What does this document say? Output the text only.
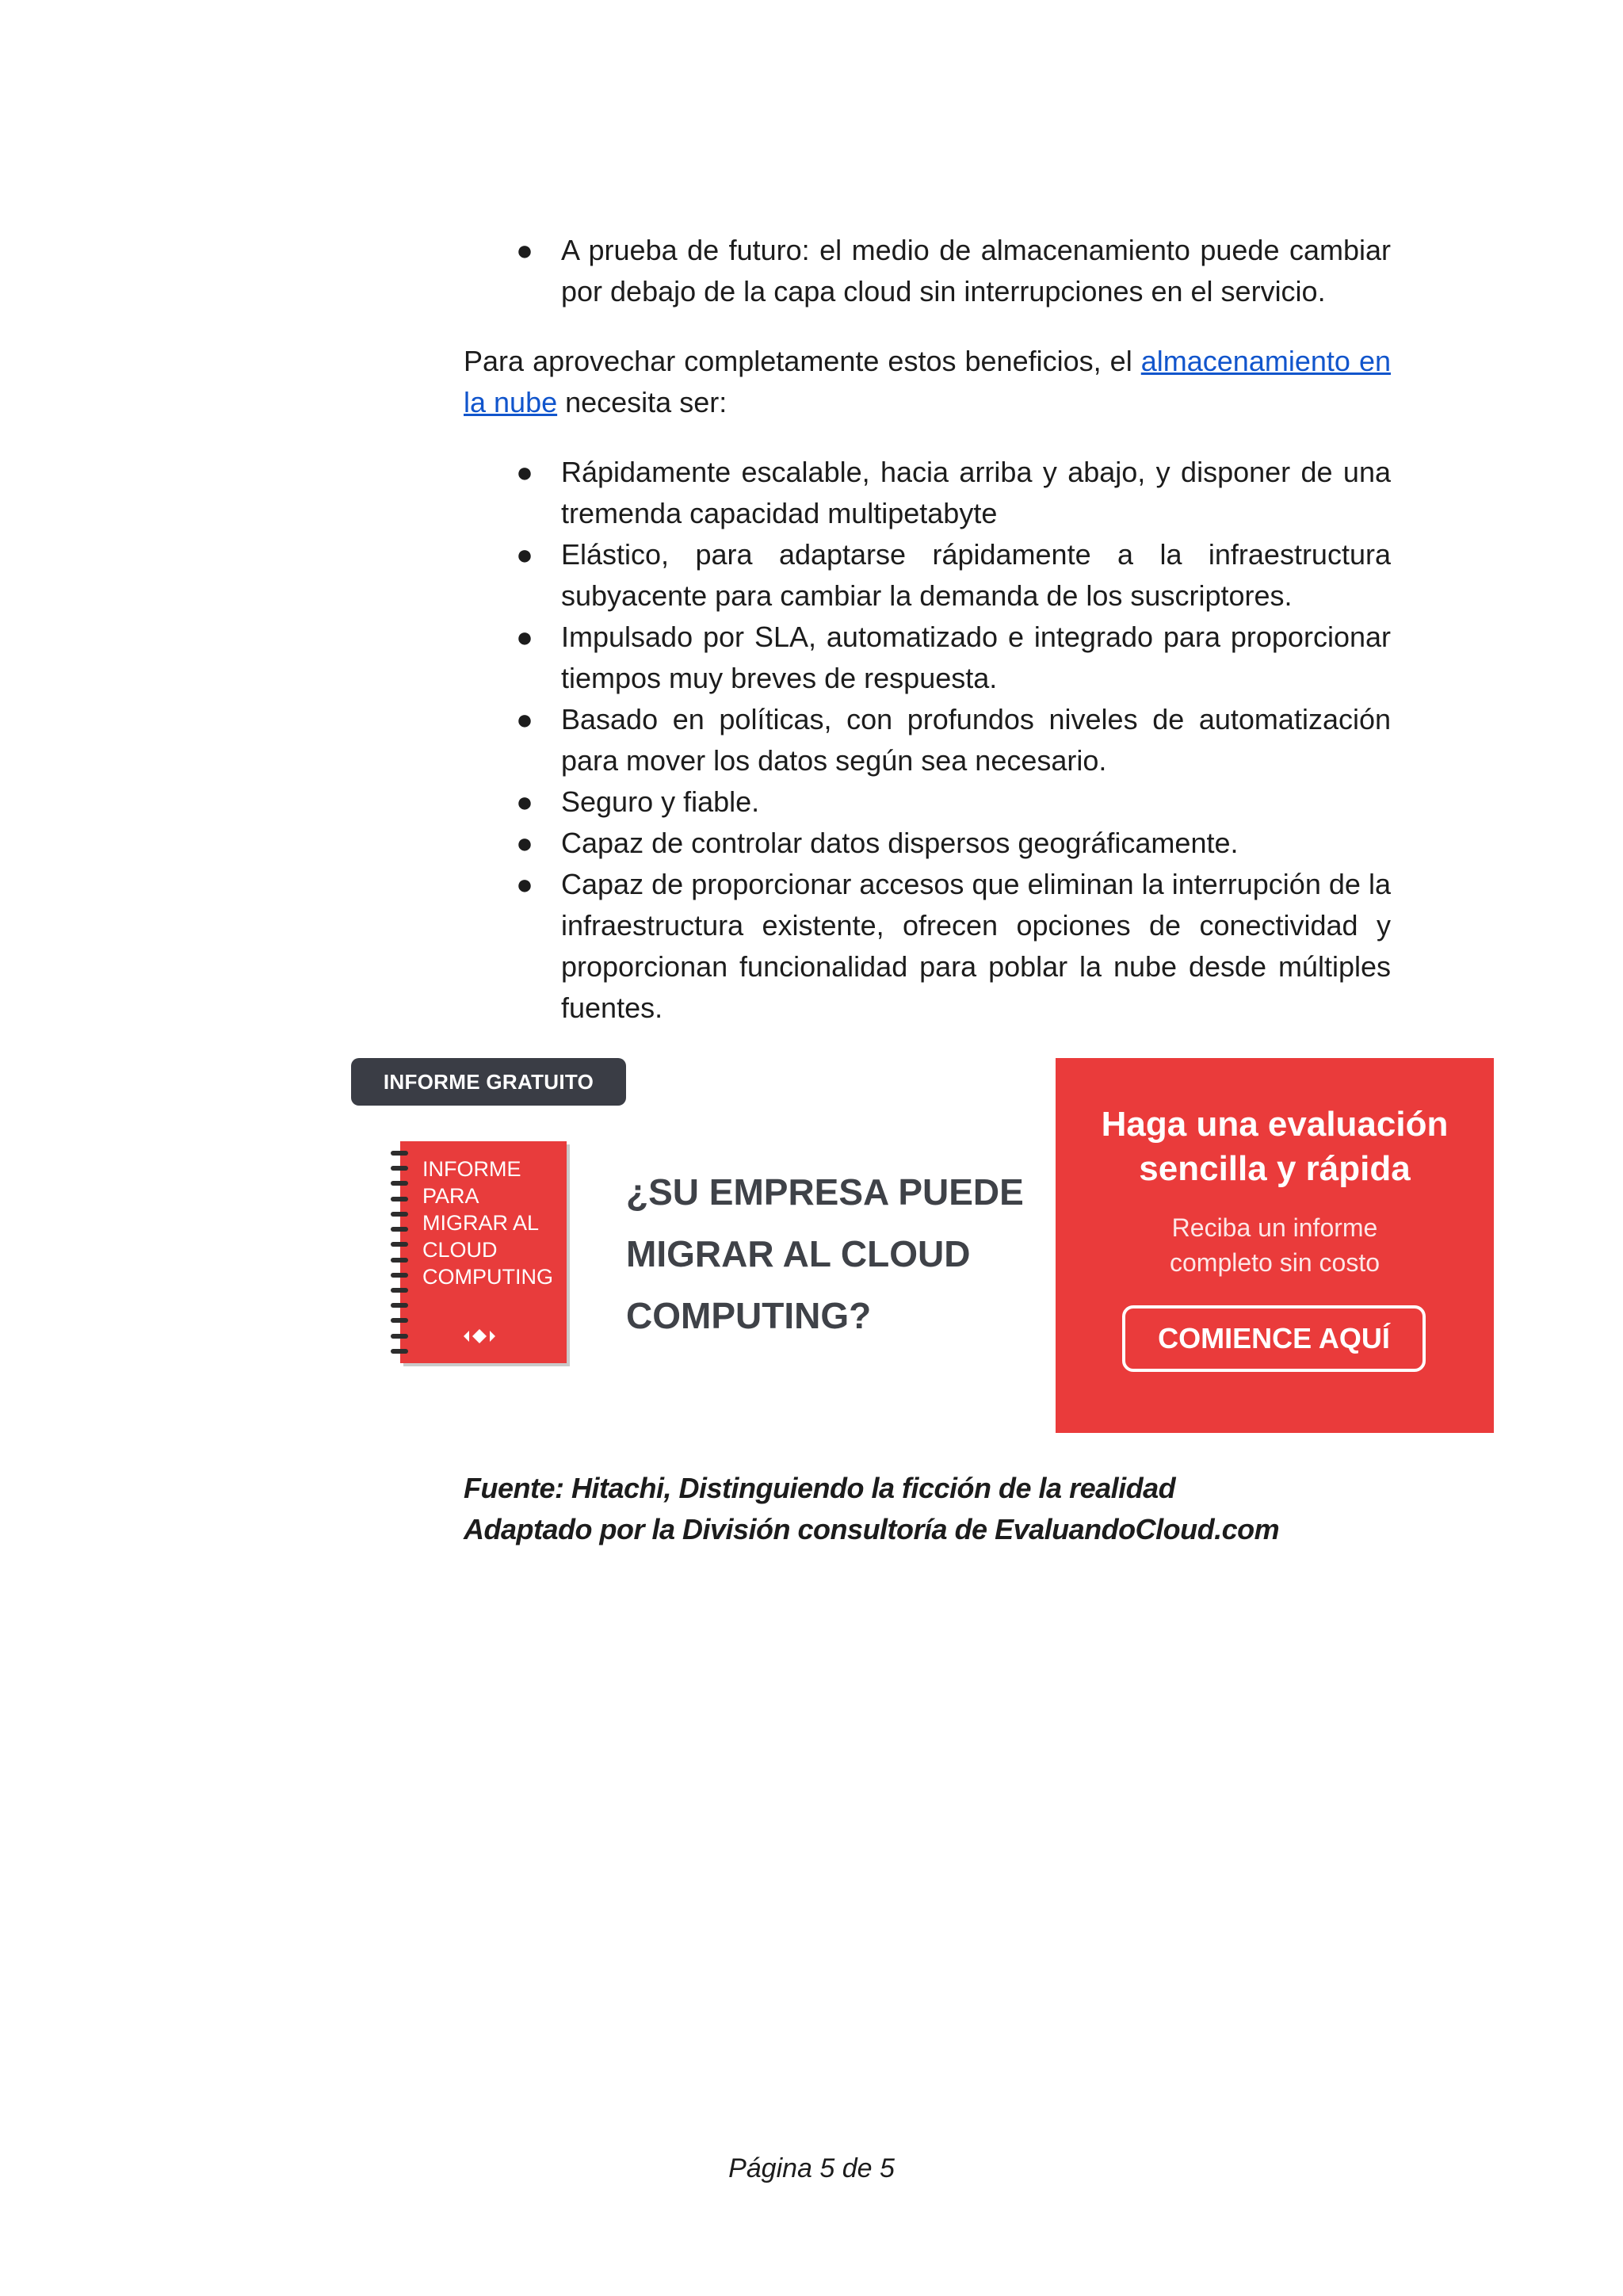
● A prueba de futuro: el medio de almacenamiento puede cambiar por debajo de la capa cloud sin interrupciones en el servicio.

Para aprovechar completamente estos beneficios, el almacenamiento en la nube necesita ser:

● Rápidamente escalable, hacia arriba y abajo, y disponer de una tremenda capacidad multipetabyte
● Elástico, para adaptarse rápidamente a la infraestructura subyacente para cambiar la demanda de los suscriptores.
● Impulsado por SLA, automatizado e integrado para proporcionar tiempos muy breves de respuesta.
● Basado en políticas, con profundos niveles de automatización para mover los datos según sea necesario.
● Seguro y fiable.
● Capaz de controlar datos dispersos geográficamente.
● Capaz de proporcionar accesos que eliminan la interrupción de la infraestructura existente, ofrecen opciones de conectividad y proporcionan funcionalidad para poblar la nube desde múltiples fuentes.
INFORME GRATUITO
INFORME
PARA
MIGRAR AL
CLOUD
COMPUTING
¿SU EMPRESA PUEDE
MIGRAR AL CLOUD
COMPUTING?
Haga una evaluación
sencilla y rápida
Reciba un informe
completo sin costo
COMIENCE AQUÍ
Fuente: Hitachi, Distinguiendo la ficción de la realidad
Adaptado por la División consultoría de EvaluandoCloud.com
Página 5 de 5
